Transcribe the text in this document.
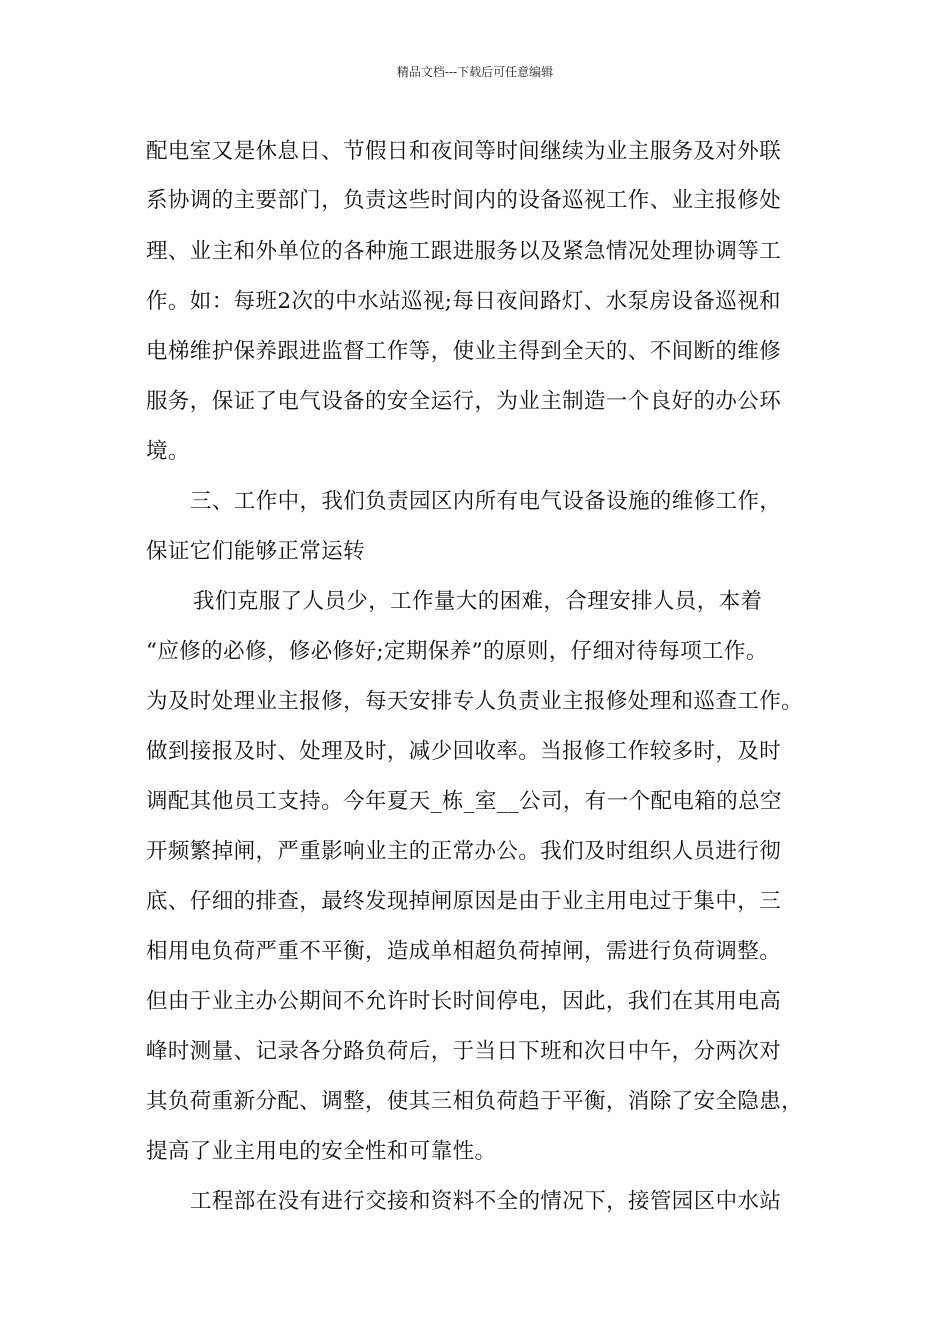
精品文档---下载后可任意编辑
配电室又是休息日、节假日和夜间等时间继续为业主服务及对外联
系协调的主要部门，负责这些时间内的设备巡视工作、业主报修处
理、业主和外单位的各种施工跟进服务以及紧急情况处理协调等工
作。如：每班2次的中水站巡视;每日夜间路灯、水泵房设备巡视和
电梯维护保养跟进监督工作等，使业主得到全天的、不间断的维修
服务，保证了电气设备的安全运行，为业主制造一个良好的办公环
境。
三、工作中，我们负责园区内所有电气设备设施的维修工作，
保证它们能够正常运转
我们克服了人员少，工作量大的困难，合理安排人员，本着
“应修的必修，修必修好;定期保养”的原则，仔细对待每项工作。
为及时处理业主报修，每天安排专人负责业主报修处理和巡查工作。
做到接报及时、处理及时，减少回收率。当报修工作较多时，及时
调配其他员工支持。今年夏天_栋_室__公司，有一个配电箱的总空
开频繁掉闸，严重影响业主的正常办公。我们及时组织人员进行彻
底、仔细的排查，最终发现掉闸原因是由于业主用电过于集中，三
相用电负荷严重不平衡，造成单相超负荷掉闸，需进行负荷调整。
但由于业主办公期间不允许时长时间停电，因此，我们在其用电高
峰时测量、记录各分路负荷后，于当日下班和次日中午，分两次对
其负荷重新分配、调整，使其三相负荷趋于平衡，消除了安全隐患，
提高了业主用电的安全性和可靠性。
工程部在没有进行交接和资料不全的情况下，接管园区中水站
